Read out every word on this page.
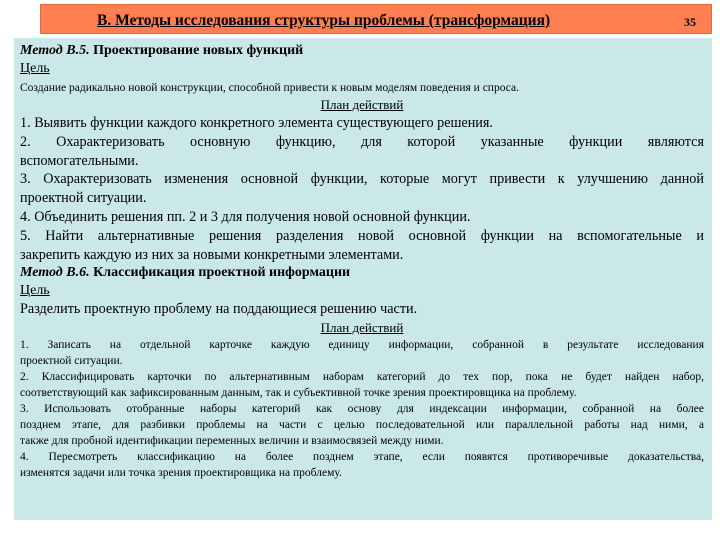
В. Методы исследования структуры проблемы (трансформация)	35
Метод В.5. Проектирование новых функций
Цель
Создание радикально новой конструкции, способной привести к новым моделям поведения и спроса.
План действий
1. Выявить функции каждого конкретного элемента существующего решения.
2. Охарактеризовать основную функцию, для которой указанные функции являются
вспомогательными.
3. Охарактеризовать изменения основной функции, которые могут привести к улучшению данной
проектной ситуации.
4. Объединить решения пп. 2 и 3 для получения новой основной функции.
5. Найти альтернативные решения разделения новой основной функции на вспомогательные и
закрепить каждую из них за новыми конкретными элементами.
Метод В.6. Классификация проектной информации
Цель
Разделить проектную проблему на поддающиеся решению части.
План действий
1. Записать на отдельной карточке каждую единицу информации, собранной в результате исследования
проектной ситуации.
2. Классифицировать карточки по альтернативным наборам категорий до тех пор, пока не будет найден набор,
соответствующий как зафиксированным данным, так и субъективной точке зрения проектировщика на проблему.
3. Использовать отобранные наборы категорий как основу для индексации информации, собранной на более
позднем этапе, для разбивки проблемы на части с целью последовательной или параллельной работы над ними, а
также для пробной идентификации переменных величин и взаимосвязей между ними.
4. Пересмотреть классификацию на более позднем этапе, если появятся противоречивые доказательства,
изменятся задачи или точка зрения проектировщика на проблему.
